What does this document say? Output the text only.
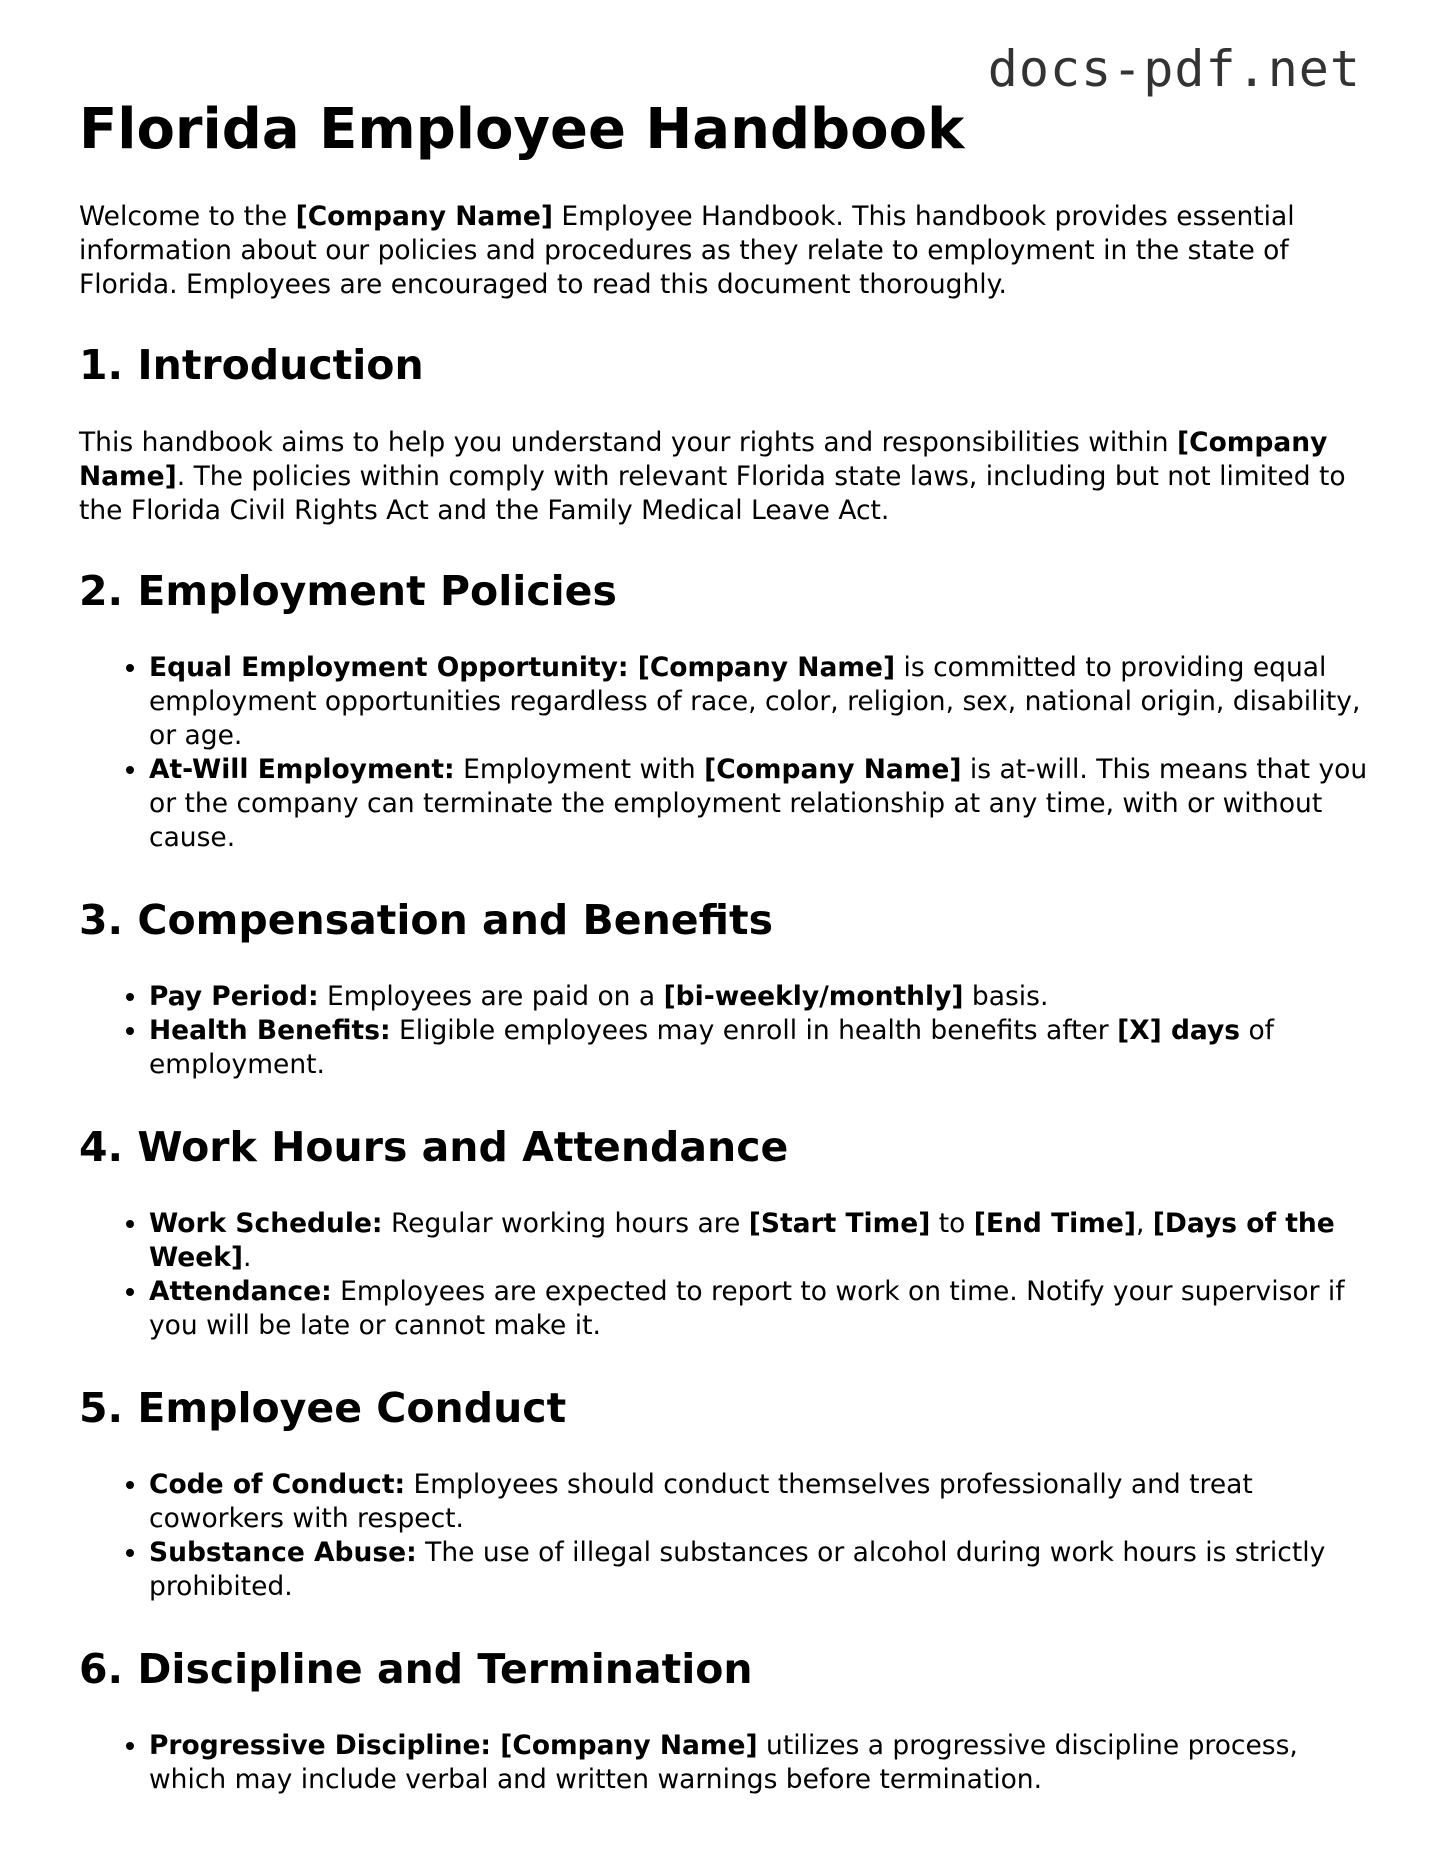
docs-pdf.net
Florida Employee Handbook

Welcome to the [Company Name] Employee Handbook. This handbook provides essential information about our policies and procedures as they relate to employment in the state of Florida. Employees are encouraged to read this document thoroughly.

1. Introduction

This handbook aims to help you understand your rights and responsibilities within [Company Name]. The policies within comply with relevant Florida state laws, including but not limited to the Florida Civil Rights Act and the Family Medical Leave Act.

2. Employment Policies
• Equal Employment Opportunity: [Company Name] is committed to providing equal employment opportunities regardless of race, color, religion, sex, national origin, disability, or age.
• At-Will Employment: Employment with [Company Name] is at-will. This means that you or the company can terminate the employment relationship at any time, with or without cause.
3. Compensation and Benefits
• Pay Period: Employees are paid on a [bi-weekly/monthly] basis.
• Health Benefits: Eligible employees may enroll in health benefits after [X] days of employment.
4. Work Hours and Attendance
• Work Schedule: Regular working hours are [Start Time] to [End Time], [Days of the Week].
• Attendance: Employees are expected to report to work on time. Notify your supervisor if you will be late or cannot make it.
5. Employee Conduct
• Code of Conduct: Employees should conduct themselves professionally and treat coworkers with respect.
• Substance Abuse: The use of illegal substances or alcohol during work hours is strictly prohibited.
6. Discipline and Termination
• Progressive Discipline: [Company Name] utilizes a progressive discipline process, which may include verbal and written warnings before termination.
